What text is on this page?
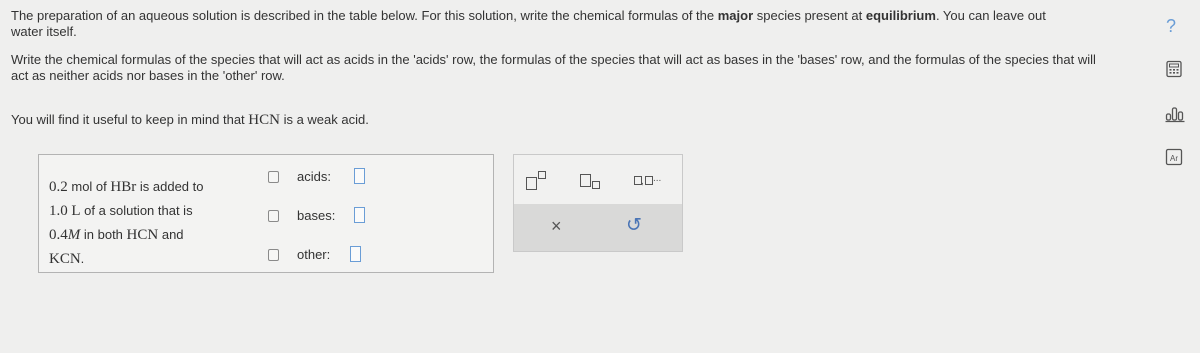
The preparation of an aqueous solution is described in the table below. For this solution, write the chemical formulas of the major species present at equilibrium. You can leave out water itself.
Write the chemical formulas of the species that will act as acids in the 'acids' row, the formulas of the species that will act as bases in the 'bases' row, and the formulas of the species that will act as neither acids nor bases in the 'other' row.
You will find it useful to keep in mind that HCN is a weak acid.
0.2 mol of HBr is added to
1.0 L of a solution that is
0.4M in both HCN and
KCN.
acids:
bases:
other:
, ...
×	↺
?
Ar
